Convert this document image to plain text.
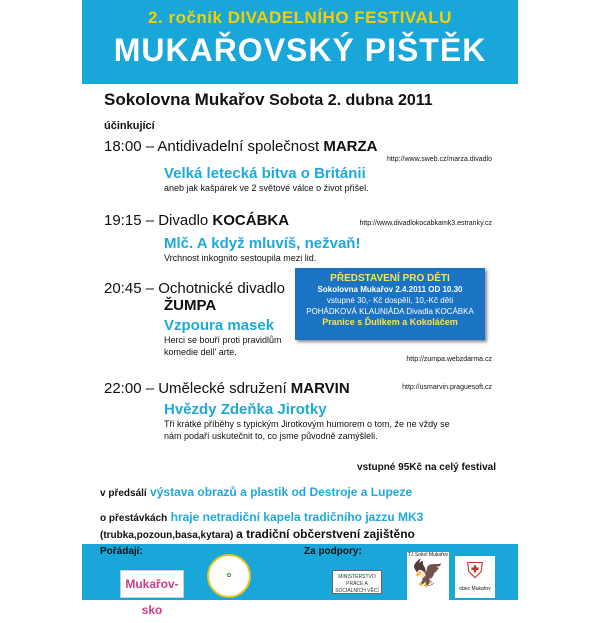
2. ročník DIVADELNÍHO FESTIVALU
MUKAŘOVSKÝ PIŠTĚK
Sokolovna Mukařov Sobota 2. dubna 2011
účinkující
18:00 – Antidivadelní společnost MARZA
http://www.sweb.cz/marza.divadlo
Velká letecká bitva o Británii
aneb jak kašpárek ve 2 světové válce o život přišel.
19:15 – Divadlo KOCÁBKA	http://www.divadlokocabkamk3.estranky.cz
Mlč. A když mluvíš, nežvaň!
Vrchnost inkognito sestoupila mezi lid.
20:45 – Ochotnické divadlo
ŽUMPA
http://zumpa.webzdarma.cz
Vzpoura masek
Herci se bouří proti pravidlům
komedie dell' arte.
22:00 – Umělecké sdružení MARVIN	http://usmarvin.praguesoft.cz
Hvězdy Zdeňka Jirotky
Tři krátké příběhy s typickým Jirotkovým humorem o tom, že ne vždy se
nám podaří uskutečnit to, co jsme původně zamýšleli.
PŘEDSTAVENÍ PRO DĚTI
Sokolovna Mukařov 2.4.2011 OD 10.30
vstupné 30,- Kč dospělí, 10,-Kč děti
POHÁDKOVÁ KLAUNIÁDA Divadla KOCÁBKA
Pranice s Ďulíkem a Kokoláčem
vstupné 95Kč na celý festival
v předsálí výstava obrazů a plastik od Destroje a Lupeze
o přestávkách hraje netradiční kapela tradičního jazzu MK3
(trubka,pozoun,basa,kytara) a tradiční občerstvení zajištěno
Pořádají:	Za podpory:
Mukařov-sko
✿	MINISTERSTVO PRÁCE A SOCIÁLNÍCH VĚCÍ
TJ Sokol Mukařov
🦅	⛨
obec Mukařov
